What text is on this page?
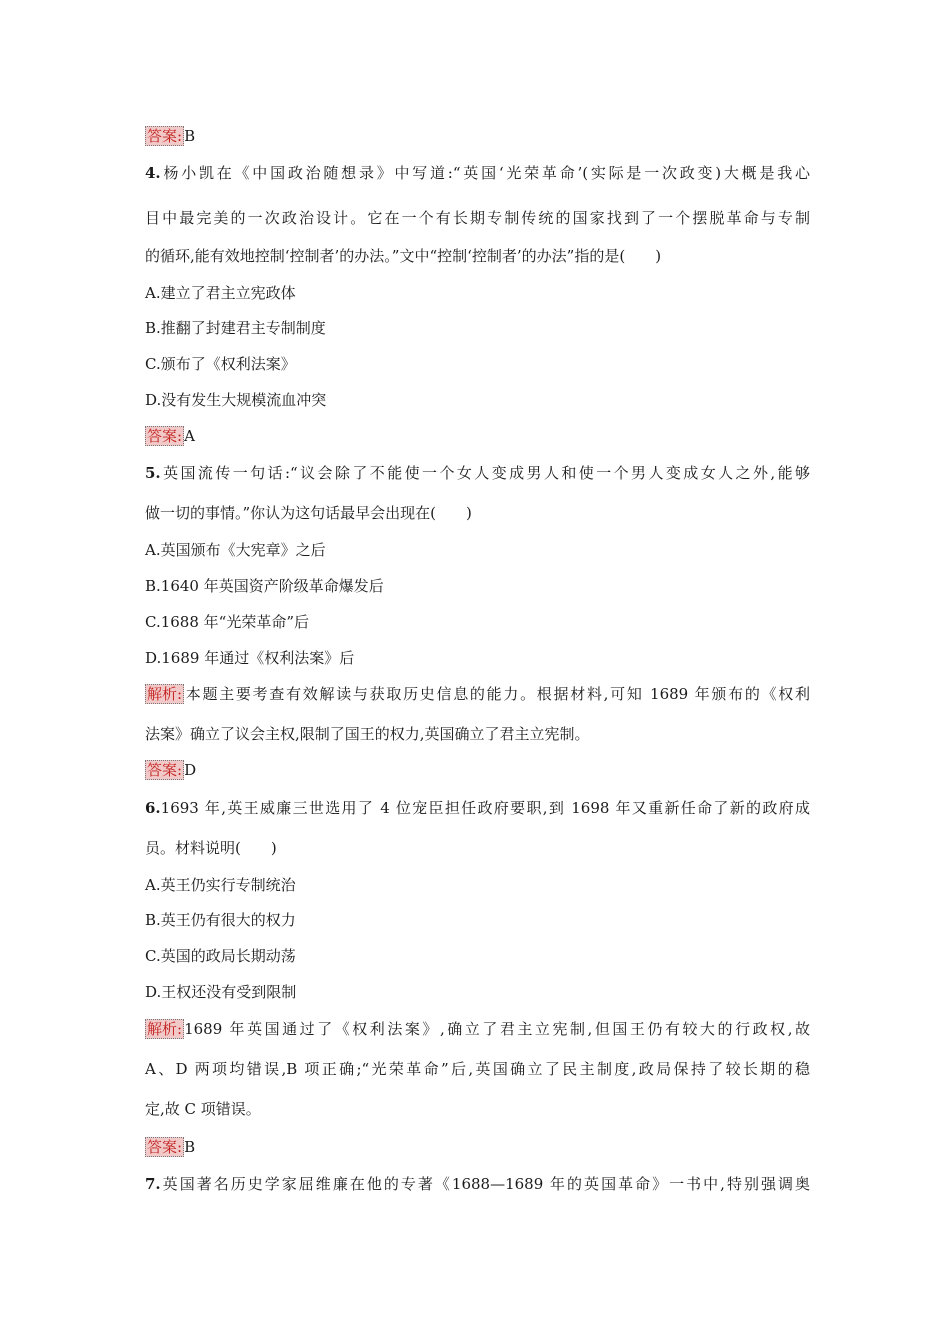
答案: B
4.杨小凯在《中国政治随想录》中写道:“英国‘光荣革命’(实际是一次政变)大概是我心
目中最完美的一次政治设计。它在一个有长期专制传统的国家找到了一个摆脱革命与专制
的循环,能有效地控制‘控制者’的办法。”文中“控制‘控制者’的办法”指的是(　　)
A.建立了君主立宪政体
B.推翻了封建君主专制制度
C.颁布了《权利法案》
D.没有发生大规模流血冲突
答案: A
5.英国流传一句话:“议会除了不能使一个女人变成男人和使一个男人变成女人之外,能够
做一切的事情。”你认为这句话最早会出现在(　　)
A.英国颁布《大宪章》之后
B.1640 年英国资产阶级革命爆发后
C.1688 年“光荣革命”后
D.1689 年通过《权利法案》后
解析: 本题主要考查有效解读与获取历史信息的能力。根据材料,可知 1689 年颁布的《权利
法案》确立了议会主权,限制了国王的权力,英国确立了君主立宪制。
答案: D
6.1693 年,英王威廉三世选用了 4 位宠臣担任政府要职,到 1698 年又重新任命了新的政府成
员。材料说明(　　)
A.英王仍实行专制统治
B.英王仍有很大的权力
C.英国的政局长期动荡
D.王权还没有受到限制
解析: 1689 年英国通过了《权利法案》,确立了君主立宪制,但国王仍有较大的行政权,故
A、D 两项均错误,B 项正确;“光荣革命”后,英国确立了民主制度,政局保持了较长期的稳
定,故 C 项错误。
答案: B
7.英国著名历史学家屈维廉在他的专著《1688—1689 年的英国革命》一书中,特别强调奥
